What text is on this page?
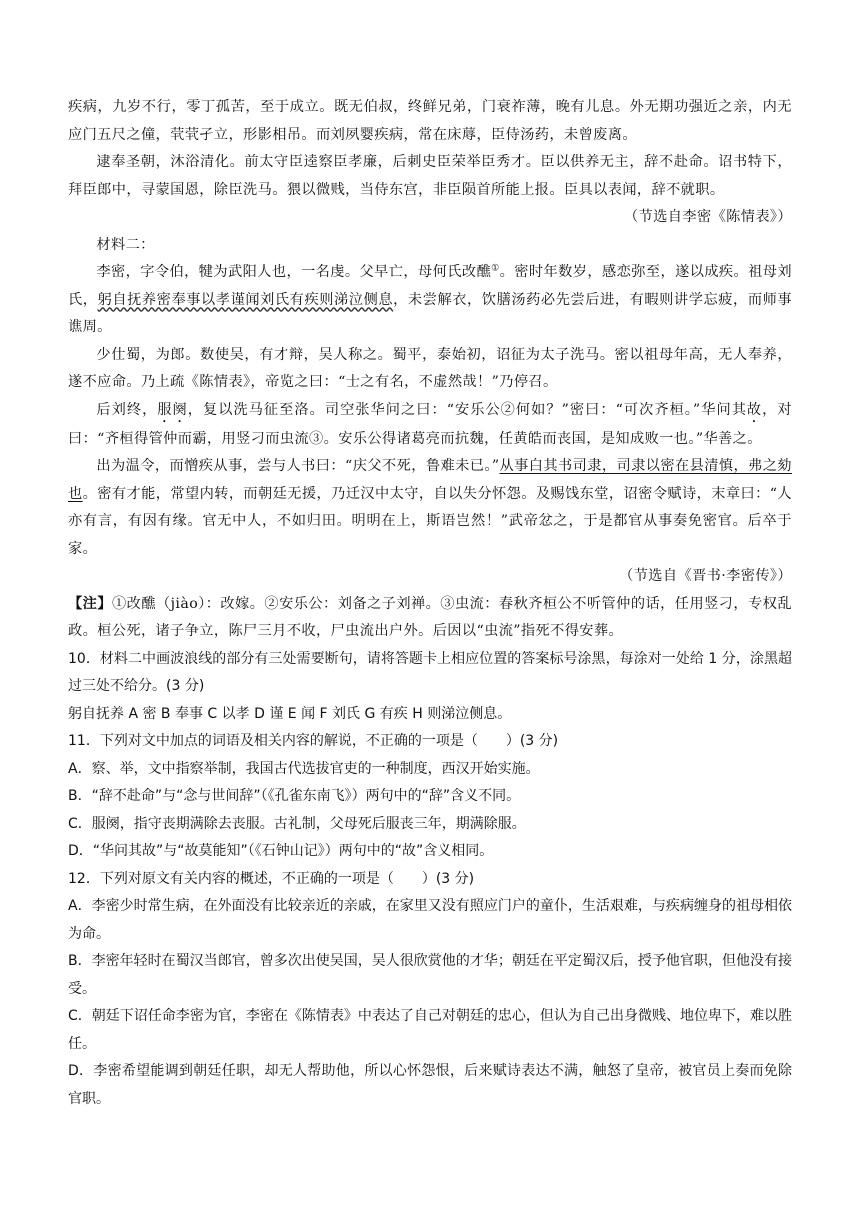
疾病，九岁不行，零丁孤苦，至于成立。既无伯叔，终鲜兄弟，门衰祚薄，晚有儿息。外无期功强近之亲，内无应门五尺之僮，茕茕孑立，形影相吊。而刘夙婴疾病，常在床蓐，臣侍汤药，未曾废离。

逮奉圣朝，沐浴清化。前太守臣逵察臣孝廉，后刺史臣荣举臣秀才。臣以供养无主，辞不赴命。诏书特下，拜臣郎中，寻蒙国恩，除臣洗马。猥以微贱，当侍东宫，非臣陨首所能上报。臣具以表闻，辞不就职。

（节选自李密《陈情表》）

材料二：

李密，字令伯，犍为武阳人也，一名虔。父早亡，母何氏改醮①。密时年数岁，感恋弥至，遂以成疾。祖母刘氏，躬自抚养密奉事以孝谨闻刘氏有疾则涕泣侧息，未尝解衣，饮膳汤药必先尝后进，有暇则讲学忘疲，而师事谯周。

少仕蜀，为郎。数使吴，有才辩，吴人称之。蜀平，泰始初，诏征为太子洗马。密以祖母年高，无人奉养，遂不应命。乃上疏《陈情表》，帝览之曰：“士之有名，不虚然哉！”乃停召。

后刘终，服阕，复以洗马征至洛。司空张华问之曰：“安乐公②何如？”密曰：“可次齐桓。”华问其故，对曰：“齐桓得管仲而霸，用竖刁而虫流③。安乐公得诸葛亮而抗魏，任黄皓而丧国，是知成败一也。”华善之。

出为温令，而憎疾从事，尝与人书曰：“庆父不死，鲁难未已。”从事白其书司隶，司隶以密在县清慎，弗之劾也。密有才能，常望内转，而朝廷无援，乃迁汉中太守，自以失分怀怨。及赐饯东堂，诏密令赋诗，末章曰：“人亦有言，有因有缘。官无中人，不如归田。明明在上，斯语岂然！”武帝忿之，于是都官从事奏免密官。后卒于家。

（节选自《晋书·李密传》）

【注】①改醮（jiào）：改嫁。②安乐公：刘备之子刘禅。③虫流：春秋齐桓公不听管仲的话，任用竖刁，专权乱政。桓公死，诸子争立，陈尸三月不收，尸虫流出户外。后因以“虫流”指死不得安葬。

10．材料二中画波浪线的部分有三处需要断句，请将答题卡上相应位置的答案标号涂黑，每涂对一处给 1 分，涂黑超过三处不给分。(3 分)

躬自抚养 A 密 B 奉事 C 以孝 D 谨 E 闻 F 刘氏 G 有疾 H 则涕泣侧息。

11．下列对文中加点的词语及相关内容的解说，不正确的一项是（　　）(3 分)

A．察、举，文中指察举制，我国古代选拔官吏的一种制度，西汉开始实施。

B．“辞不赴命”与“念与世间辞”（《孔雀东南飞》）两句中的“辞”含义不同。

C．服阕，指守丧期满除去丧服。古礼制，父母死后服丧三年，期满除服。

D．“华问其故”与“故莫能知”（《石钟山记》）两句中的“故”含义相同。

12．下列对原文有关内容的概述，不正确的一项是（　　）(3 分)

A．李密少时常生病，在外面没有比较亲近的亲戚，在家里又没有照应门户的童仆，生活艰难，与疾病缠身的祖母相依为命。

B．李密年轻时在蜀汉当郎官，曾多次出使吴国，吴人很欣赏他的才华；朝廷在平定蜀汉后，授予他官职，但他没有接受。

C．朝廷下诏任命李密为官，李密在《陈情表》中表达了自己对朝廷的忠心，但认为自己出身微贱、地位卑下，难以胜任。

D．李密希望能调到朝廷任职，却无人帮助他，所以心怀怨恨，后来赋诗表达不满，触怒了皇帝，被官员上奏而免除官职。
